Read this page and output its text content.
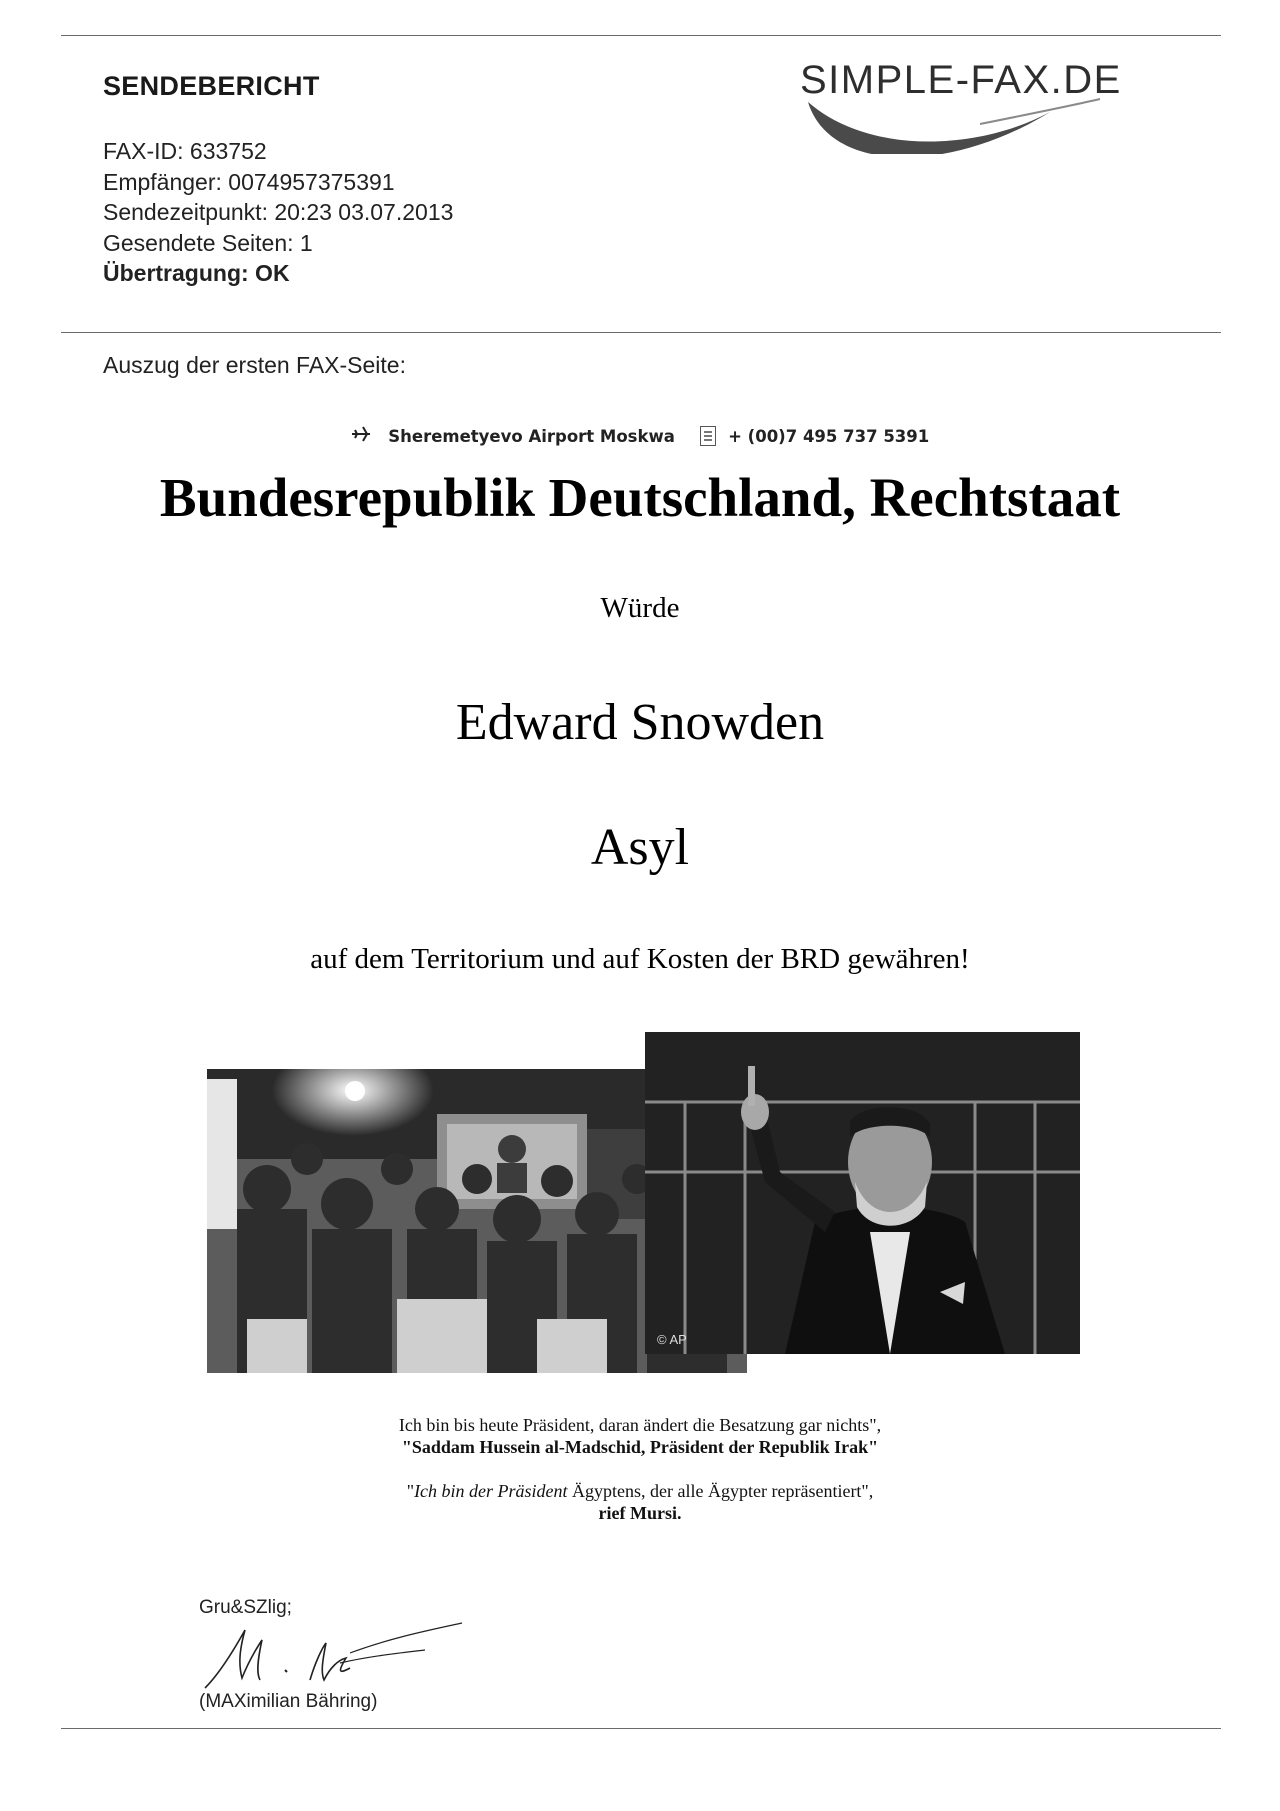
SENDEBERICHT	SIMPLE-FAX.DE
FAX-ID: 633752
Empfänger: 0074957375391
Sendezeitpunkt: 20:23 03.07.2013
Gesendete Seiten: 1
Übertragung: OK
Auszug der ersten FAX-Seite:
Sheremetyevo Airport Moskwa	+ (00)7 495 737 5391
Bundesrepublik Deutschland, Rechtstaat
Würde
Edward Snowden
Asyl
auf dem Territorium und auf Kosten der BRD gewähren!
© AP
Ich bin bis heute Präsident, daran ändert die Besatzung gar nichts",
"Saddam Hussein al-Madschid, Präsident der Republik Irak"
"Ich bin der Präsident Ägyptens, der alle Ägypter repräsentiert",
rief Mursi.
Gru&SZlig;
(MAXimilian Bähring)
